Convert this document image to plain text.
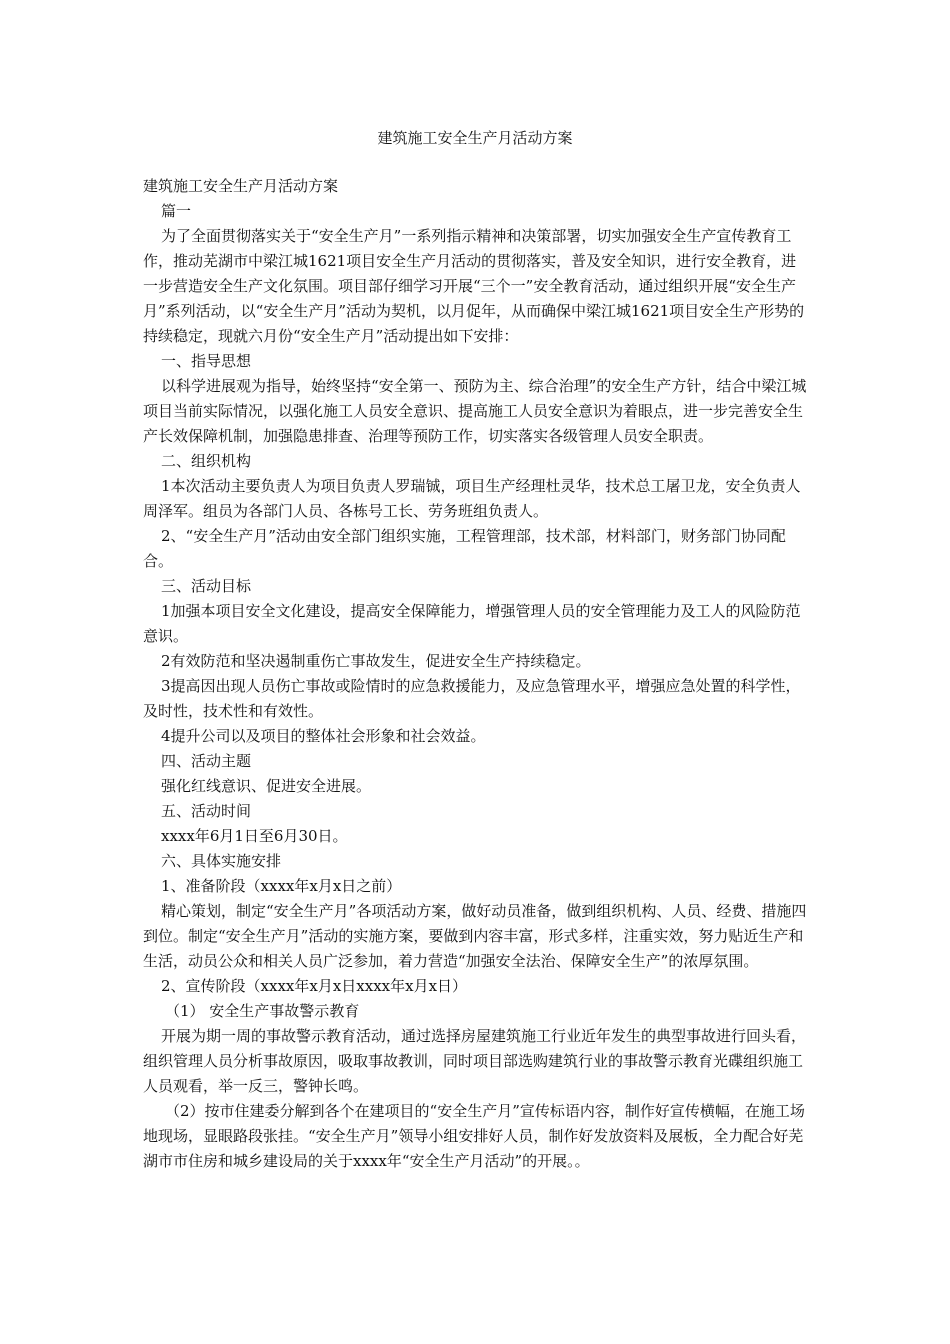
建筑施工安全生产月活动方案

建筑施工安全生产月活动方案

篇一

为了全面贯彻落实关于“安全生产月”一系列指示精神和决策部署，切实加强安全生产宣传教育工作，推动芜湖市中梁江城1621项目安全生产月活动的贯彻落实，普及安全知识，进行安全教育，进一步营造安全生产文化氛围。项目部仔细学习开展“三个一”安全教育活动，通过组织开展“安全生产月”系列活动，以“安全生产月”活动为契机，以月促年，从而确保中梁江城1621项目安全生产形势的持续稳定，现就六月份“安全生产月”活动提出如下安排：

一、指导思想

以科学进展观为指导，始终坚持“安全第一、预防为主、综合治理”的安全生产方针，结合中梁江城项目当前实际情况，以强化施工人员安全意识、提高施工人员安全意识为着眼点，进一步完善安全生产长效保障机制，加强隐患排查、治理等预防工作，切实落实各级管理人员安全职责。

二、组织机构

1本次活动主要负责人为项目负责人罗瑞铖，项目生产经理杜灵华，技术总工屠卫龙，安全负责人周泽军。组员为各部门人员、各栋号工长、劳务班组负责人。

2、“安全生产月”活动由安全部门组织实施，工程管理部，技术部，材料部门，财务部门协同配合。

三、活动目标

1加强本项目安全文化建设，提高安全保障能力，增强管理人员的安全管理能力及工人的风险防范意识。

2有效防范和坚决遏制重伤亡事故发生，促进安全生产持续稳定。

3提高因出现人员伤亡事故或险情时的应急救援能力，及应急管理水平，增强应急处置的科学性，及时性，技术性和有效性。

4提升公司以及项目的整体社会形象和社会效益。

四、活动主题

强化红线意识、促进安全进展。

五、活动时间

xxxx年6月1日至6月30日。

六、具体实施安排

1、准备阶段（xxxx年x月x日之前）

精心策划，制定“安全生产月”各项活动方案，做好动员准备，做到组织机构、人员、经费、措施四到位。制定“安全生产月”活动的实施方案，要做到内容丰富，形式多样，注重实效，努力贴近生产和生活，动员公众和相关人员广泛参加，着力营造“加强安全法治、保障安全生产”的浓厚氛围。

2、宣传阶段（xxxx年x月x日xxxx年x月x日）

（1） 安全生产事故警示教育

开展为期一周的事故警示教育活动，通过选择房屋建筑施工行业近年发生的典型事故进行回头看，组织管理人员分析事故原因，吸取事故教训，同时项目部选购建筑行业的事故警示教育光碟组织施工人员观看，举一反三，警钟长鸣。

（2）按市住建委分解到各个在建项目的“安全生产月”宣传标语内容，制作好宣传横幅，在施工场地现场，显眼路段张挂。“安全生产月”领导小组安排好人员，制作好发放资料及展板，全力配合好芜湖市市住房和城乡建设局的关于xxxx年“安全生产月活动”的开展。。
